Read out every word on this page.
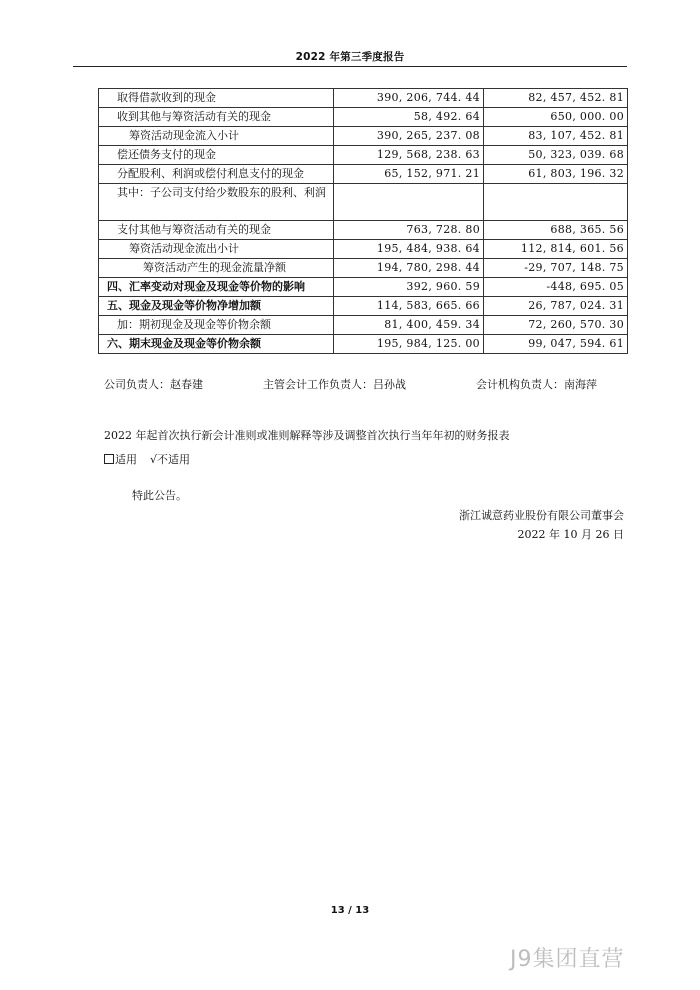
2022 年第三季度报告
取得借款收到的现金	390, 206, 744. 44	82, 457, 452. 81
收到其他与筹资活动有关的现金	58, 492. 64	650, 000. 00
筹资活动现金流入小计	390, 265, 237. 08	83, 107, 452. 81
偿还债务支付的现金	129, 568, 238. 63	50, 323, 039. 68
分配股利、利润或偿付利息支付的现金	65, 152, 971. 21	61, 803, 196. 32
其中：子公司支付给少数股东的股利、利润		
支付其他与筹资活动有关的现金	763, 728. 80	688, 365. 56
筹资活动现金流出小计	195, 484, 938. 64	112, 814, 601. 56
筹资活动产生的现金流量净额	194, 780, 298. 44	-29, 707, 148. 75
四、汇率变动对现金及现金等价物的影响	392, 960. 59	-448, 695. 05
五、现金及现金等价物净增加额	114, 583, 665. 66	26, 787, 024. 31
加：期初现金及现金等价物余额	81, 400, 459. 34	72, 260, 570. 30
六、期末现金及现金等价物余额	195, 984, 125. 00	99, 047, 594. 61
公司负责人：赵春建	主管会计工作负责人：吕孙战	会计机构负责人：南海萍
2022 年起首次执行新会计准则或准则解释等涉及调整首次执行当年年初的财务报表
适用 √不适用
特此公告。
浙江诚意药业股份有限公司董事会
2022 年 10 月 26 日
13 / 13
J9集团直营
